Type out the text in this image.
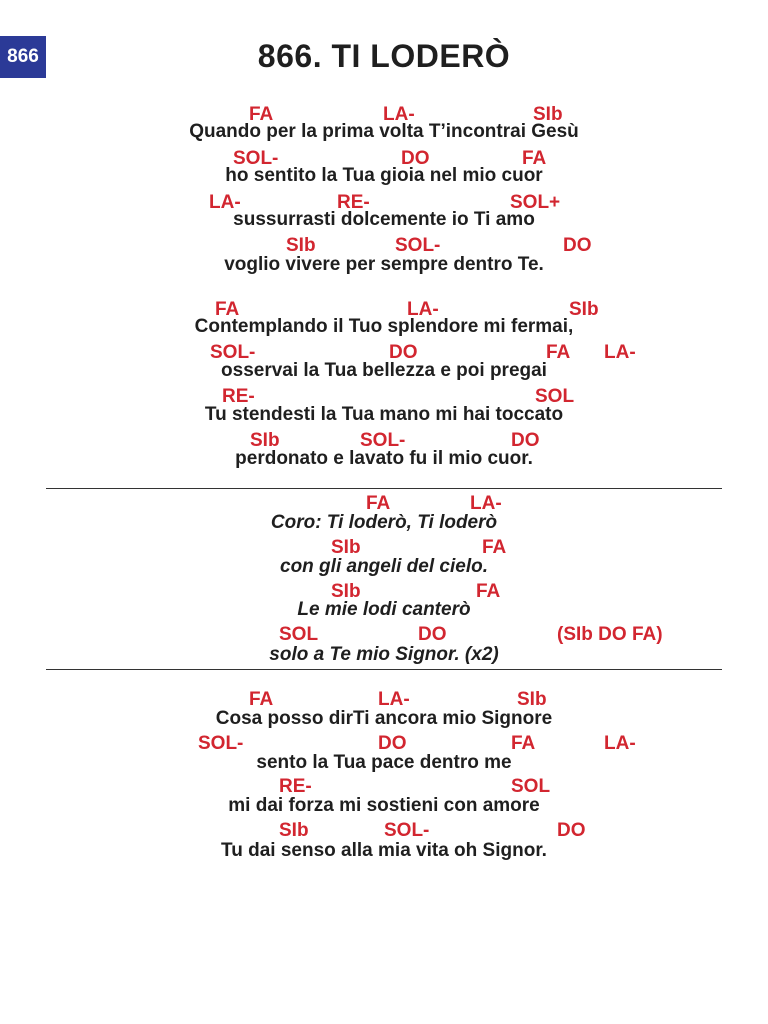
866	866. TI LODERÒ
FA	LA-	SIb
Quando per la prima volta T’incontrai Gesù
SOL-	DO	FA
ho sentito la Tua gioia nel mio cuor
LA-	RE-	SOL+
sussurrasti dolcemente io Ti amo
SIb	SOL-	DO
voglio vivere per sempre dentro Te.
FA	LA-	SIb
Contemplando il Tuo splendore mi fermai,
SOL-	DO	FA LA-
osservai la Tua bellezza e poi pregai
RE-	SOL
Tu stendesti la Tua mano mi hai toccato
SIb	SOL-	DO
perdonato e lavato fu il mio cuor.
FA	LA-
Coro: Ti loderò, Ti loderò
SIb	FA
con gli angeli del cielo.
SIb	FA
Le mie lodi canterò
SOL	DO	(SIb DO FA)
solo a Te mio Signor. (x2)
FA	LA-	SIb
Cosa posso dirTi ancora mio Signore
SOL-	DO	FA	LA-
sento la Tua pace dentro me
RE-	SOL
mi dai forza mi sostieni con amore
SIb	SOL-	DO
Tu dai senso alla mia vita oh Signor.
